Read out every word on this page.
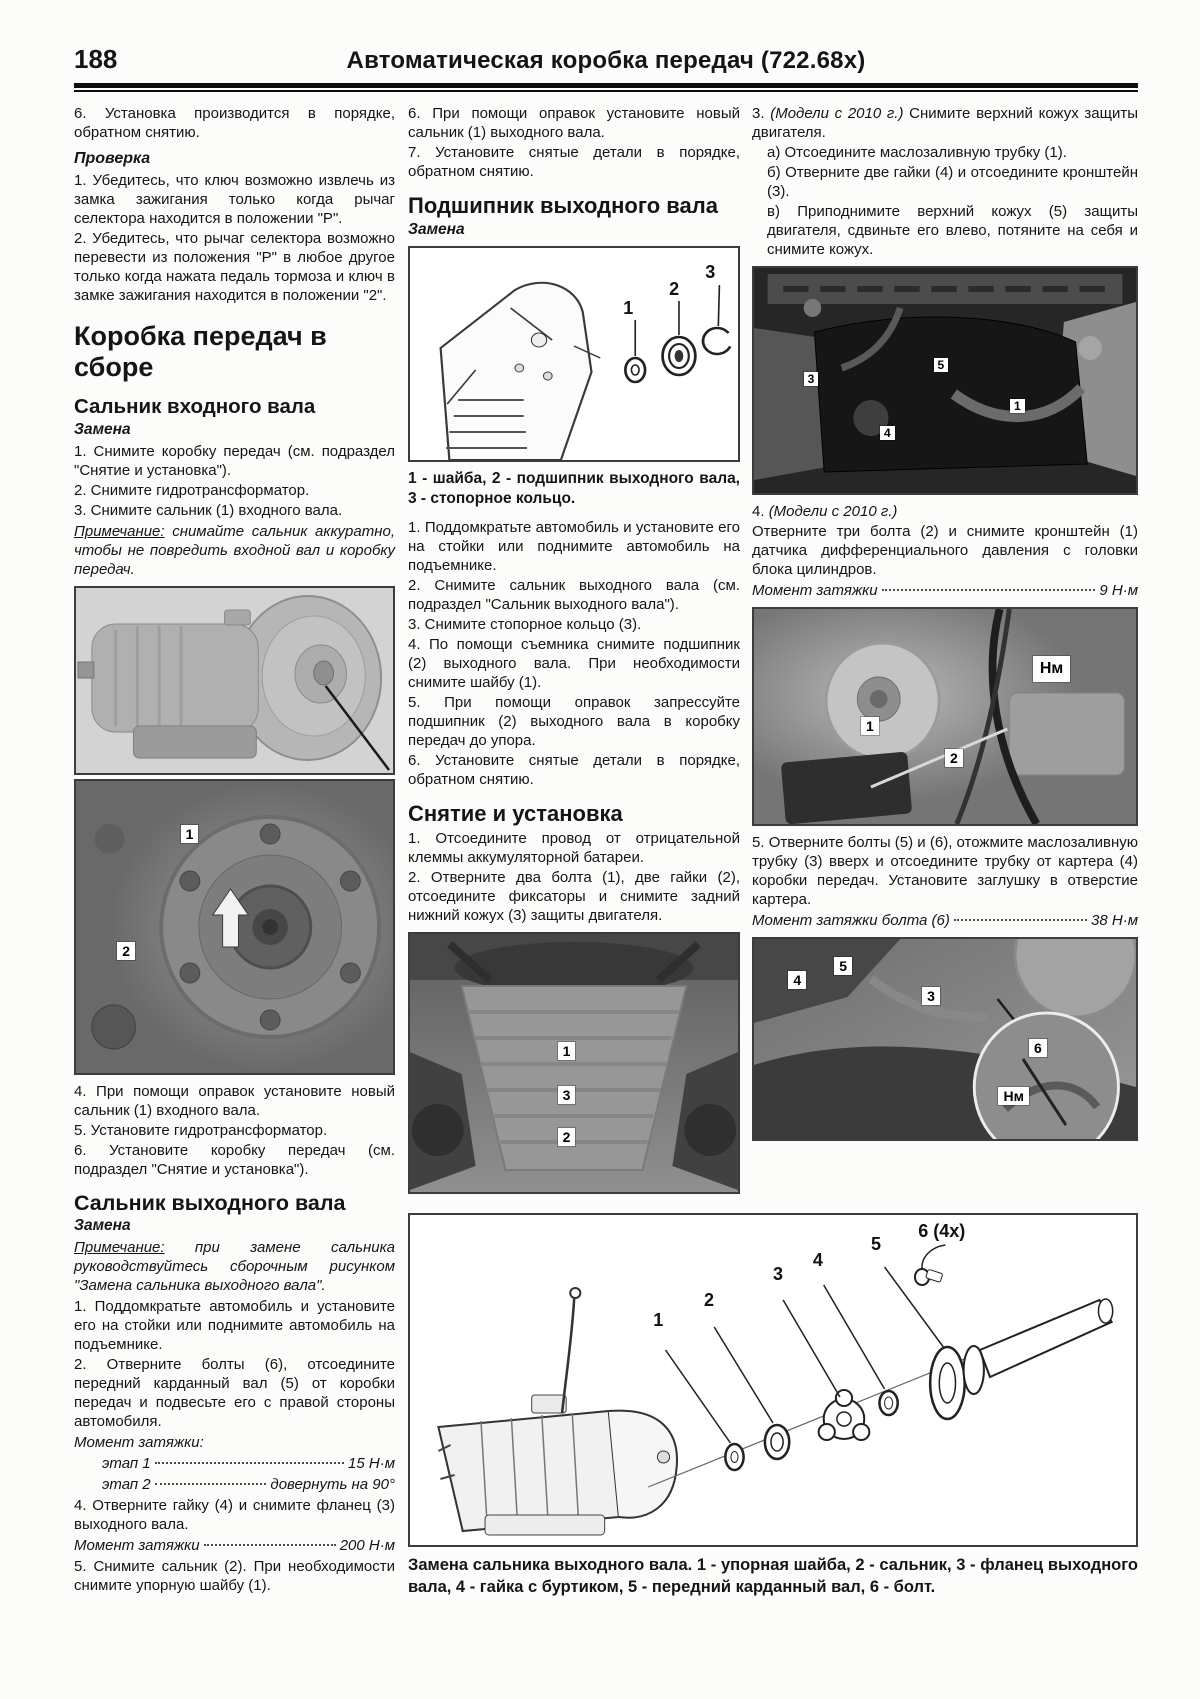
188	Автоматическая коробка передач (722.68x)

6. Установка производится в порядке, обратном снятию.

Проверка

1. Убедитесь, что ключ возможно извлечь из замка зажигания только когда рычаг селектора находится в положении "P".

2. Убедитесь, что рычаг селектора возможно перевести из положения "P" в любое другое только когда нажата педаль тормоза и ключ в замке зажигания находится в положении "2".

Коробка передач в сборе
Сальник входного вала
Замена

1. Снимите коробку передач (см. подраздел "Снятие и установка").

2. Снимите гидротрансформатор.

3. Снимите сальник (1) входного вала.

Примечание: снимайте сальник аккуратно, чтобы не повредить входной вал и коробку передач.

1
2

4. При помощи оправок установите новый сальник (1) входного вала.

5. Установите гидротрансформатор.

6. Установите коробку передач (см. подраздел "Снятие и установка").

Сальник выходного вала
Замена

Примечание: при замене сальника руководствуйтесь сборочным рисунком "Замена сальника выходного вала".

1. Поддомкратьте автомобиль и установите его на стойки или поднимите автомобиль на подъемнике.

2. Отверните болты (6), отсоедините передний карданный вал (5) от коробки передач и подвесьте его с правой стороны автомобиля.

Момент затяжки:
этап 1	15 Н·м
этап 2	довернуть на 90°

4. Отверните гайку (4) и снимите фланец (3) выходного вала.

Момент затяжки	200 Н·м

5. Снимите сальник (2). При необходимости снимите упорную шайбу (1).

6. При помощи оправок установите новый сальник (1) выходного вала.

7. Установите снятые детали в порядке, обратном снятию.

Подшипник выходного вала
Замена
1
2
3
1 - шайба, 2 - подшипник выходного вала, 3 - стопорное кольцо.

1. Поддомкратьте автомобиль и установите его на стойки или поднимите автомобиль на подъемнике.

2. Снимите сальник выходного вала (см. подраздел "Сальник выходного вала").

3. Снимите стопорное кольцо (3).

4. По помощи съемника снимите подшипник (2) выходного вала. При необходимости снимите шайбу (1).

5. При помощи оправок запрессуйте подшипник (2) выходного вала в коробку передач до упора.

6. Установите снятые детали в порядке, обратном снятию.

Снятие и установка

1. Отсоедините провод от отрицательной клеммы аккумуляторной батареи.

2. Отверните два болта (1), две гайки (2), отсоедините фиксаторы и снимите задний нижний кожух (3) защиты двигателя.

1
3
2

3. (Модели с 2010 г.) Снимите верхний кожух защиты двигателя.

а) Отсоедините маслозаливную трубку (1).

б) Отверните две гайки (4) и отсоедините кронштейн (3).

в) Приподнимите верхний кожух (5) защиты двигателя, сдвиньте его влево, потяните на себя и снимите кожух.

5
1
4
3

4. (Модели с 2010 г.)

Отверните три болта (2) и снимите кронштейн (1) датчика дифференциального давления с головки блока цилиндров.

Момент затяжки	9 Н·м
Нм
1
2

5. Отверните болты (5) и (6), отожмите маслозаливную трубку (3) вверх и отсоедините трубку от картера (4) коробки передач. Установите заглушку в отверстие картера.

Момент затяжки болта (6)	38 Н·м
4
5
3
6
Нм
1
2
3
4
5
6 (4x)
Замена сальника выходного вала. 1 - упорная шайба, 2 - сальник, 3 - фланец выходного вала, 4 - гайка с буртиком, 5 - передний карданный вал, 6 - болт.
